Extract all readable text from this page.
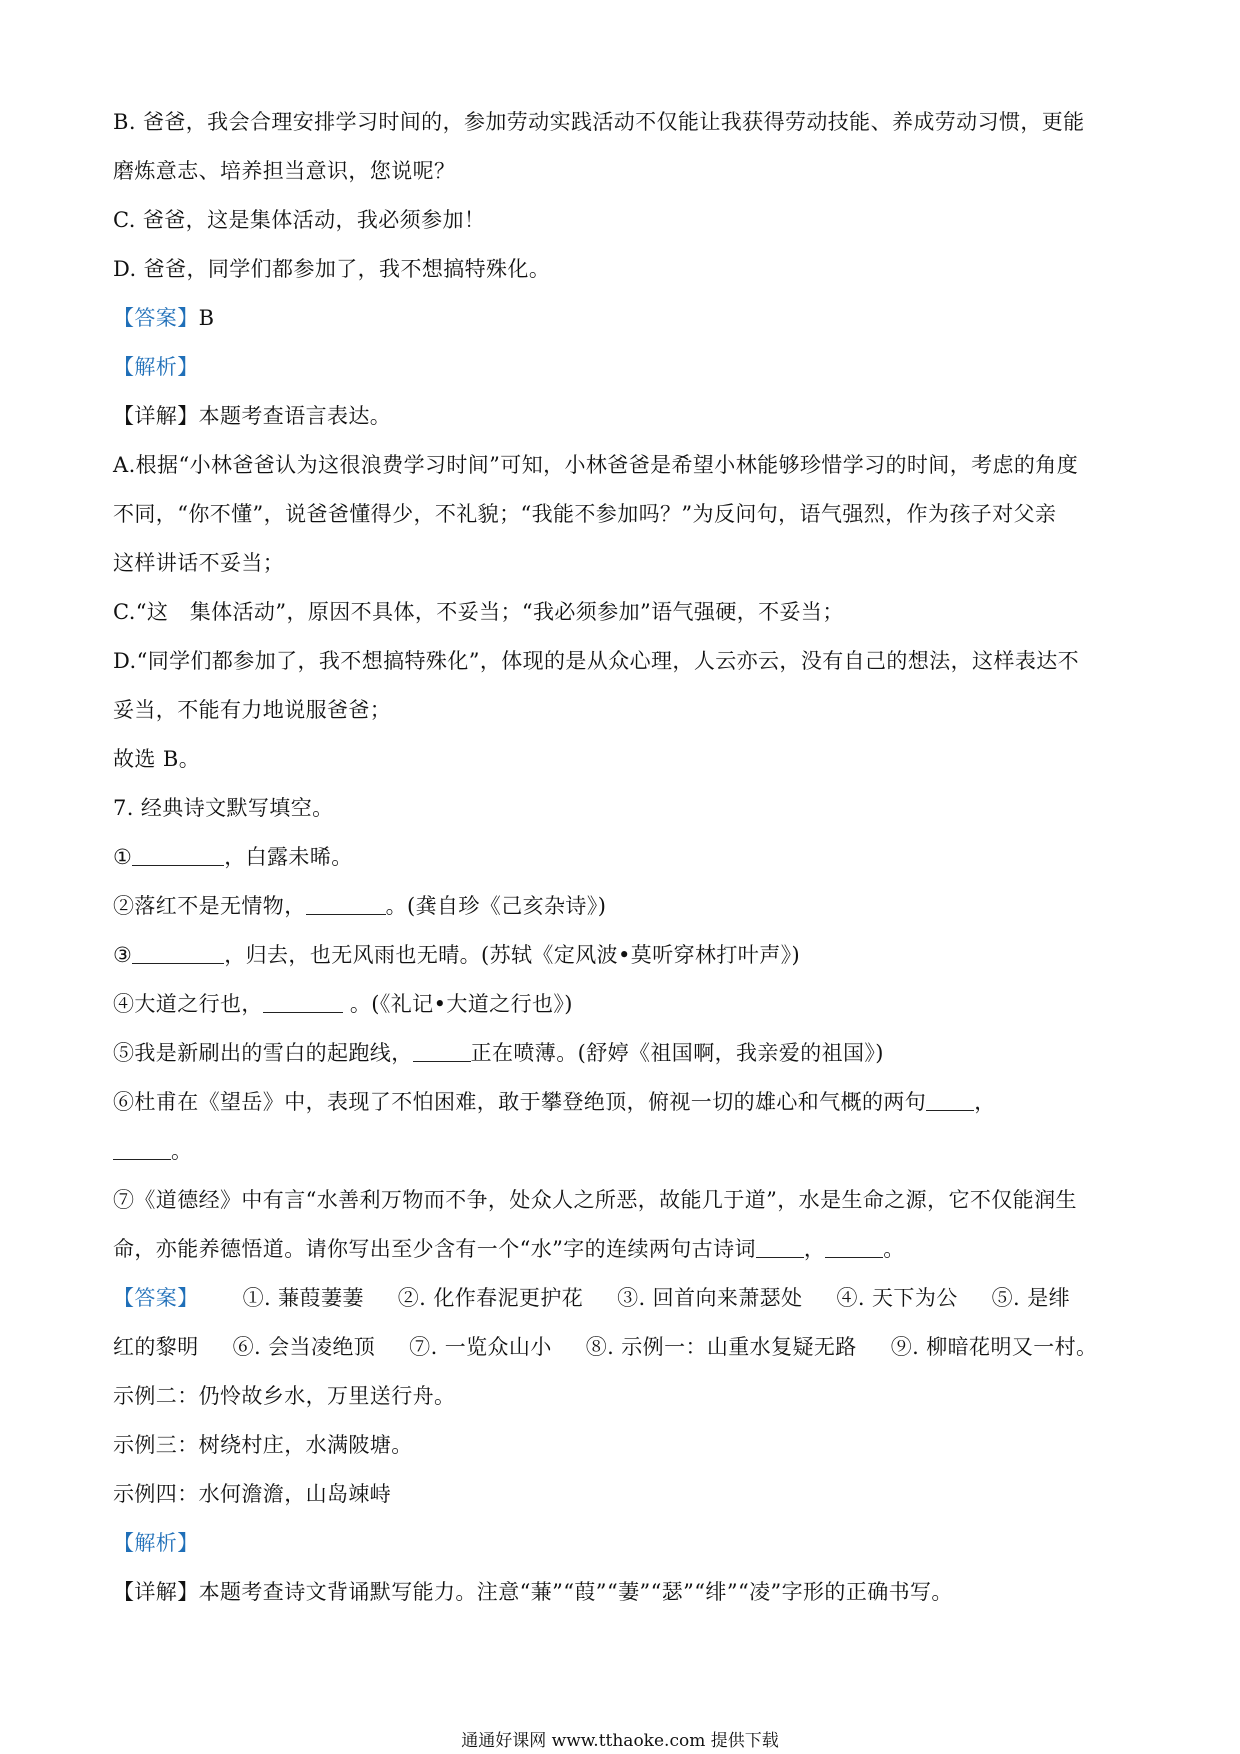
B. 爸爸，我会合理安排学习时间的，参加劳动实践活动不仅能让我获得劳动技能、养成劳动习惯，更能
磨炼意志、培养担当意识，您说呢？
C. 爸爸，这是集体活动，我必须参加！
D. 爸爸，同学们都参加了，我不想搞特殊化。
【答案】B
【解析】
【详解】本题考查语言表达。
A.根据“小林爸爸认为这很浪费学习时间”可知，小林爸爸是希望小林能够珍惜学习的时间，考虑的角度
不同，“你不懂”，说爸爸懂得少，不礼貌；“我能不参加吗？”为反问句，语气强烈，作为孩子对父亲
这样讲话不妥当；
C.“这　集体活动”，原因不具体，不妥当；“我必须参加”语气强硬，不妥当；
D.“同学们都参加了，我不想搞特殊化”，体现的是从众心理，人云亦云，没有自己的想法，这样表达不
妥当，不能有力地说服爸爸；
故选 B。
7. 经典诗文默写填空。
①	，白露未晞。
②落红不是无情物，	。(龚自珍《己亥杂诗》)
③	，归去，也无风雨也无晴。(苏轼《定风波•莫听穿林打叶声》)
④大道之行也，	。(《礼记•大道之行也》)
⑤我是新刷出的雪白的起跑线，	正在喷薄。(舒婷《祖国啊，我亲爱的祖国》)
⑥杜甫在《望岳》中，表现了不怕困难，敢于攀登绝顶，俯视一切的雄心和气概的两句 ，
。
⑦《道德经》中有言“水善利万物而不争，处众人之所恶，故能几于道”，水是生命之源，它不仅能润生
命，亦能养德悟道。请你写出至少含有一个“水”字的连续两句古诗词 ，	。
【答案】 ①. 蒹葭萋萋 ②. 化作春泥更护花 ③. 回首向来萧瑟处 ④. 天下为公 ⑤. 是绯
红的黎明 ⑥. 会当凌绝顶 ⑦. 一览众山小 ⑧. 示例一：山重水复疑无路 ⑨. 柳暗花明又一村。
示例二：仍怜故乡水，万里送行舟。
示例三：树绕村庄，水满陂塘。
示例四：水何澹澹，山岛竦峙
【解析】
【详解】本题考查诗文背诵默写能力。注意“蒹”“葭”“萋”“瑟”“绯”“凌”字形的正确书写。
通通好课网 www.tthaoke.com 提供下载
